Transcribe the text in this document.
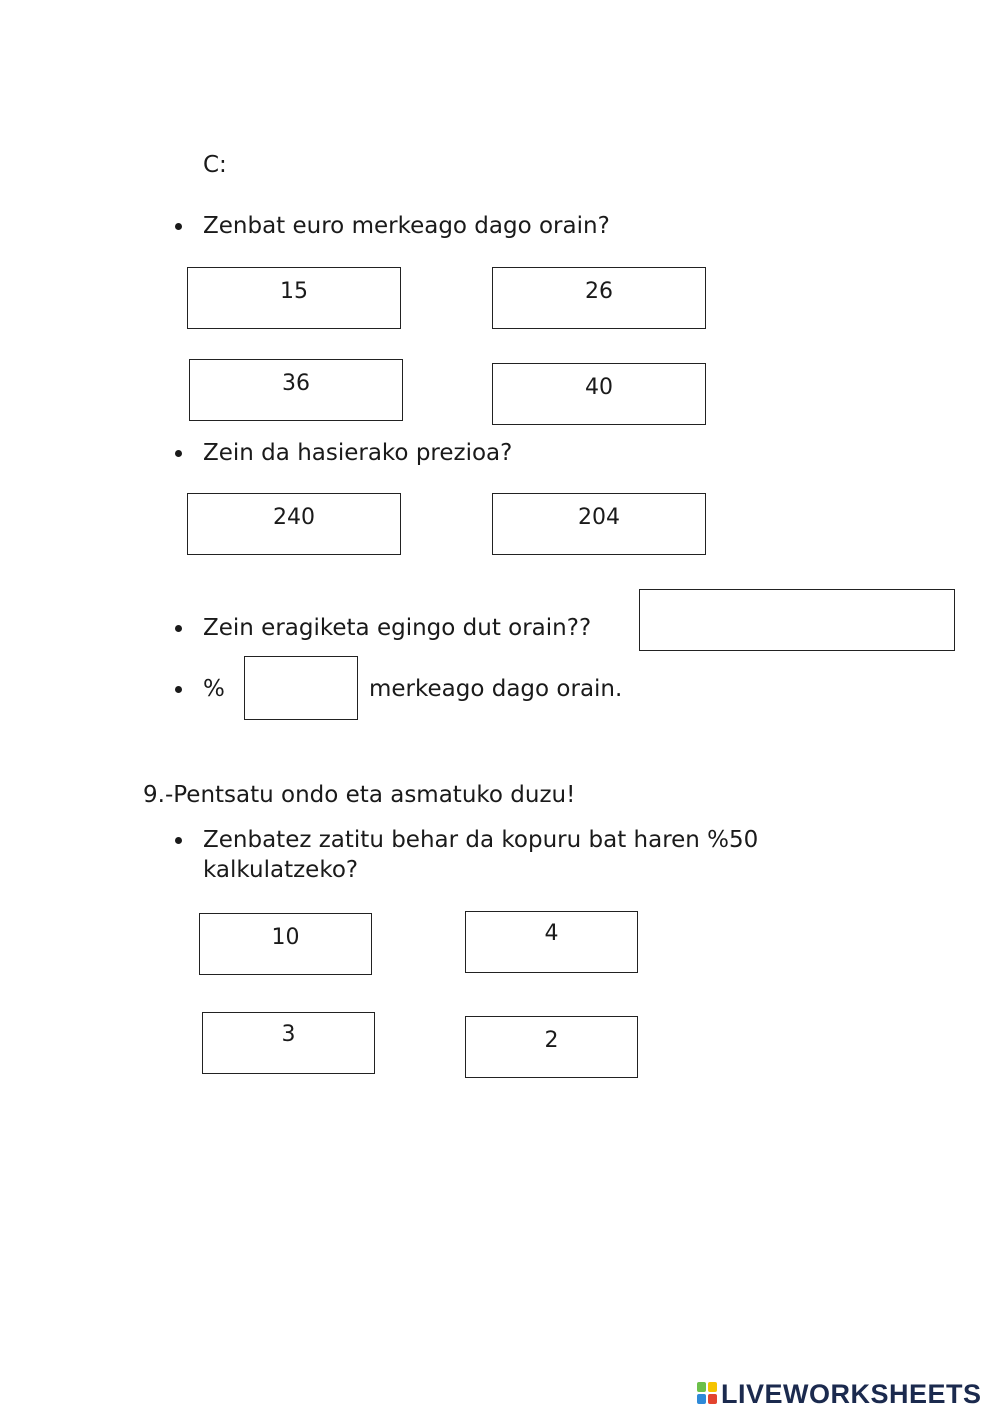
C:
Zenbat euro merkeago dago orain?
15	26
36	40
Zein da hasierako prezioa?
240	204
Zein eragiketa egingo dut orain??
%	merkeago dago orain.
9.-Pentsatu ondo eta asmatuko duzu!
Zenbatez zatitu behar da kopuru bat haren %50
kalkulatzeko?
10	4
3	2
LIVEWORKSHEETS
